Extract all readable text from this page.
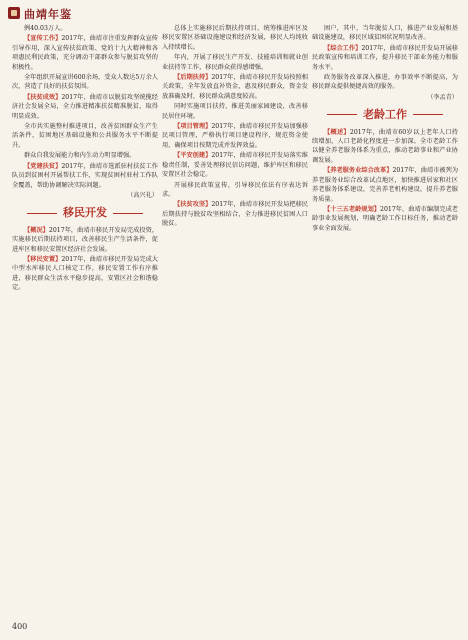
曲靖年鉴

例40.03万人。

【宣传工作】2017年，曲靖市注重发挥群众宣传引导作用，深入宣传扶贫政策、党的十九大精神和各项惠民利民政策，充分调动干部群众参与脱贫攻坚的积极性。

全年组织开展宣讲600余场，受众人数达5万余人次，营造了良好的扶贫氛围。

【扶贫成效】2017年，曲靖市以脱贫攻坚统揽经济社会发展全局，全力推进精准扶贫精准脱贫，取得明显成效。

全市共实施整村推进项目，改善贫困群众生产生活条件，贫困地区基础设施和公共服务水平不断提升。

群众自我发展能力和内生动力明显增强。

【党建扶贫】2017年，曲靖市选派驻村扶贫工作队员到贫困村开展帮扶工作，实现贫困村驻村工作队全覆盖，帮助协调解决实际问题。

（高兴礼）

移民开发

【概况】2017年，曲靖市移民开发局完成投资，实施移民后期扶持项目，改善移民生产生活条件，促进库区和移民安置区经济社会发展。

【移民安置】2017年，曲靖市移民开发局完成大中型水库移民人口核定工作，移民安置工作有序推进，移民群众生活水平稳步提高，安置区社会和谐稳定。

总体上实施移民后期扶持项目，统筹推进库区及移民安置区基础设施建设和经济发展，移民人均纯收入持续增长。

年内，开展了移民生产开发、技能培训和就业创业扶持等工作，移民群众获得感增强。

【后期扶持】2017年，曲靖市移民开发局按照相关政策，全年发放直补资金，惠及移民群众，资金发放准确及时，移民群众满意度较高。

同时实施项目扶持，推进美丽家园建设，改善移民居住环境。

【项目管理】2017年，曲靖市移民开发局加强移民项目管理，严格执行项目建设程序，规范资金使用，确保项目按期完成并发挥效益。

【平安创建】2017年，曲靖市移民开发局落实维稳责任制，妥善处理移民信访问题，维护库区和移民安置区社会稳定。

开展移民政策宣传，引导移民依法有序表达诉求。

【扶贫攻坚】2017年，曲靖市移民开发局把移民后期扶持与脱贫攻坚相结合，全力推进移民贫困人口脱贫。

困户，其中，当年脱贫人口，推进产业发展和基础设施建设，移民区域贫困状况明显改善。

【综合工作】2017年，曲靖市移民开发局开展移民政策宣传和培训工作，提升移民干部业务能力和服务水平。

政务服务改革深入推进，办事效率不断提高，为移民群众提供便捷高效的服务。

（李孟青）

老龄工作

【概述】2017年，曲靖市60岁以上老年人口持续增加，人口老龄化程度进一步加深。全市老龄工作以健全养老服务体系为重点，推动老龄事业和产业协调发展。

【养老服务业综合改革】2017年，曲靖市被列为养老服务业综合改革试点地区，加快推进居家和社区养老服务体系建设，完善养老机构建设，提升养老服务质量。

【十三五老龄规划】2017年，曲靖市编制完成老龄事业发展规划，明确老龄工作目标任务，推动老龄事业全面发展。

400
